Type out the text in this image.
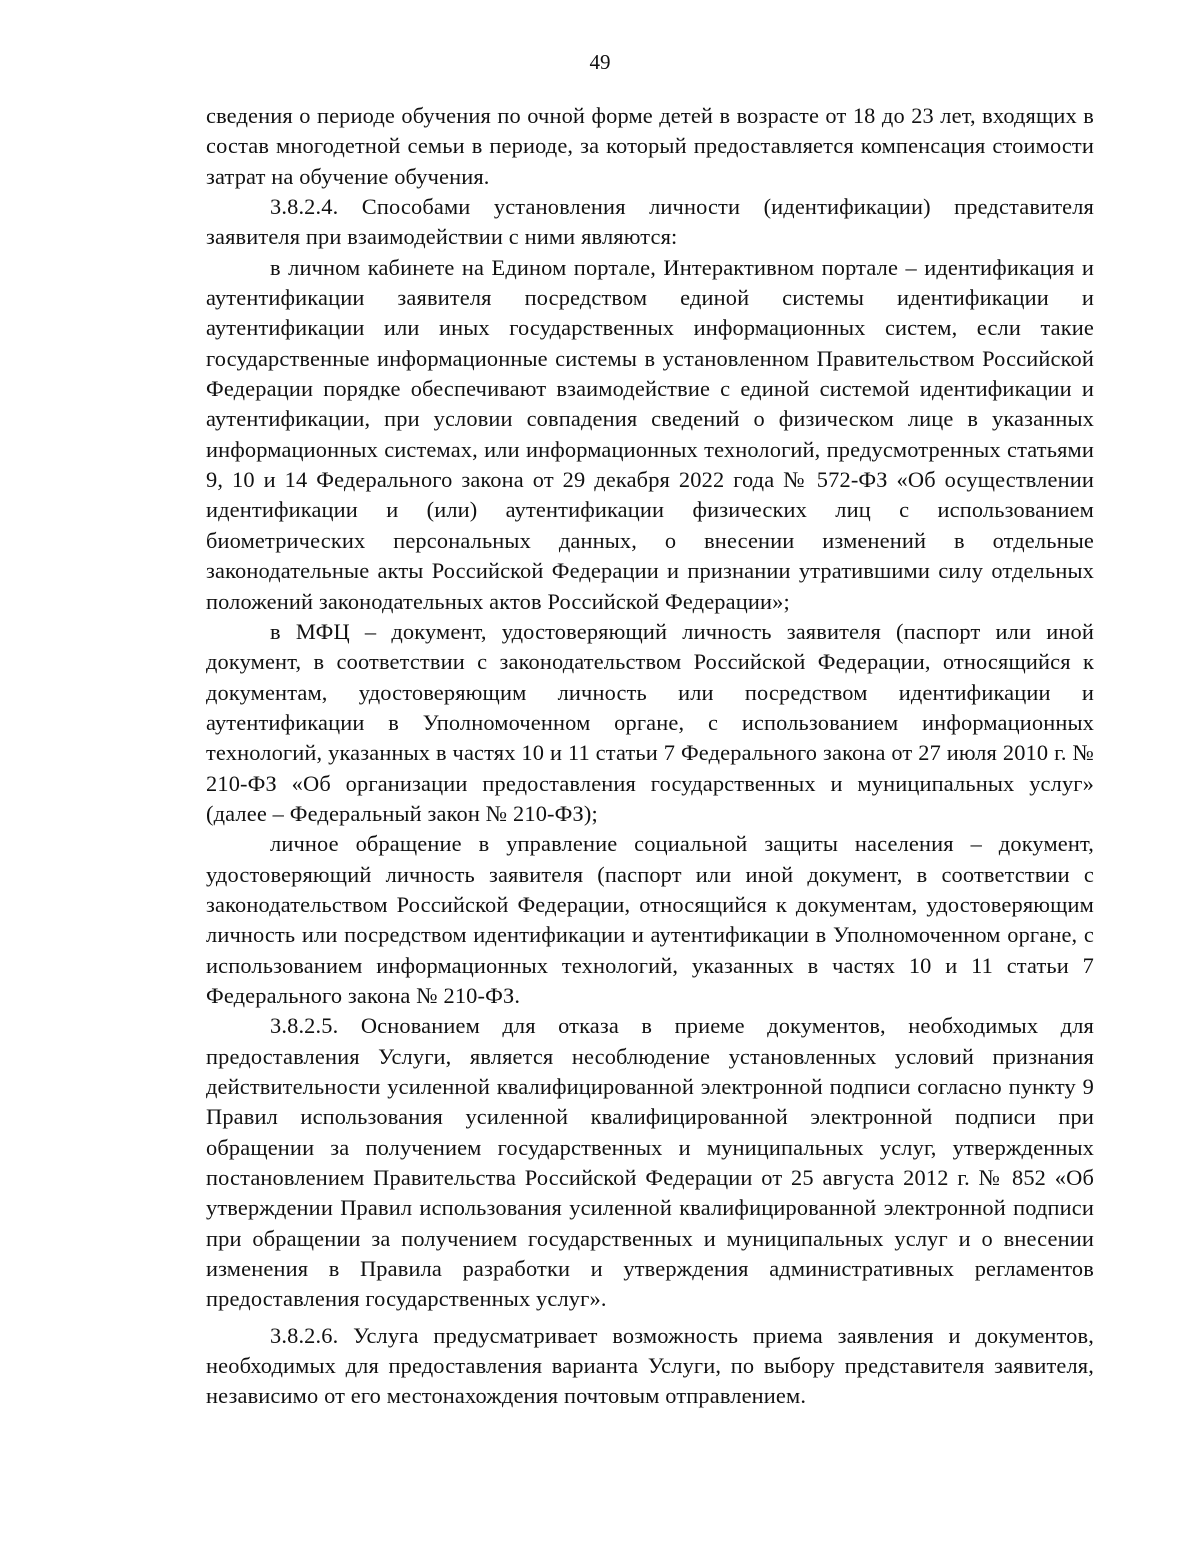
49

сведения о периоде обучения по очной форме детей в возрасте от 18 до 23 лет, входящих в состав многодетной семьи в периоде, за который предоставляется компенсация стоимости затрат на обучение обучения.

3.8.2.4. Способами установления личности (идентификации) представителя заявителя при взаимодействии с ними являются:

в личном кабинете на Едином портале, Интерактивном портале – идентификация и аутентификации заявителя посредством единой системы идентификации и аутентификации или иных государственных информационных систем, если такие государственные информационные системы в установленном Правительством Российской Федерации порядке обеспечивают взаимодействие с единой системой идентификации и аутентификации, при условии совпадения сведений о физическом лице в указанных информационных системах, или информационных технологий, предусмотренных статьями 9, 10 и 14 Федерального закона от 29 декабря 2022 года № 572-ФЗ «Об осуществлении идентификации и (или) аутентификации физических лиц с использованием биометрических персональных данных, о внесении изменений в отдельные законодательные акты Российской Федерации и признании утратившими силу отдельных положений законодательных актов Российской Федерации»;

в МФЦ – документ, удостоверяющий личность заявителя (паспорт или иной документ, в соответствии с законодательством Российской Федерации, относящийся к документам, удостоверяющим личность или посредством идентификации и аутентификации в Уполномоченном органе, с использованием информационных технологий, указанных в частях 10 и 11 статьи 7 Федерального закона от 27 июля 2010 г. № 210-ФЗ «Об организации предоставления государственных и муниципальных услуг» (далее – Федеральный закон № 210-ФЗ);

личное обращение в управление социальной защиты населения – документ, удостоверяющий личность заявителя (паспорт или иной документ, в соответствии с законодательством Российской Федерации, относящийся к документам, удостоверяющим личность или посредством идентификации и аутентификации в Уполномоченном органе, с использованием информационных технологий, указанных в частях 10 и 11 статьи 7 Федерального закона № 210-ФЗ.

3.8.2.5. Основанием для отказа в приеме документов, необходимых для предоставления Услуги, является несоблюдение установленных условий признания действительности усиленной квалифицированной электронной подписи согласно пункту 9 Правил использования усиленной квалифицированной электронной подписи при обращении за получением государственных и муниципальных услуг, утвержденных постановлением Правительства Российской Федерации от 25 августа 2012 г. № 852 «Об утверждении Правил использования усиленной квалифицированной электронной подписи при обращении за получением государственных и муниципальных услуг и о внесении изменения в Правила разработки и утверждения административных регламентов предоставления государственных услуг».

3.8.2.6. Услуга предусматривает возможность приема заявления и документов, необходимых для предоставления варианта Услуги, по выбору представителя заявителя, независимо от его местонахождения почтовым отправлением.
